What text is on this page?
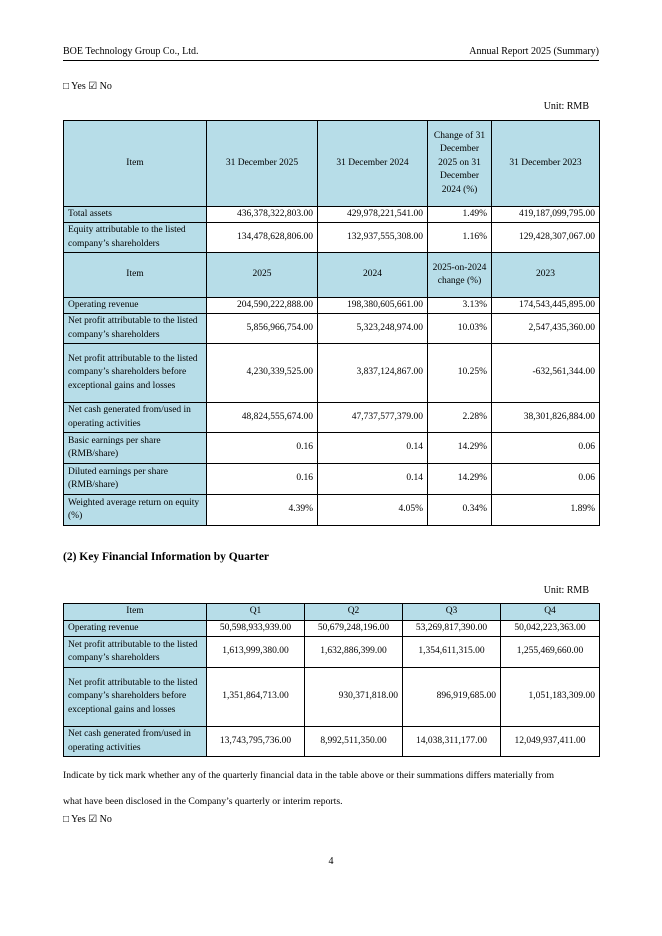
BOE Technology Group Co., Ltd.	Annual Report 2025 (Summary)
□ Yes ☑ No
Unit: RMB
Item	31 December 2025	31 December 2024	Change of 31 December 2025 on 31 December 2024 (%)	31 December 2023
Total assets	436,378,322,803.00	429,978,221,541.00	1.49%	419,187,099,795.00
Equity attributable to the listed company’s shareholders	134,478,628,806.00	132,937,555,308.00	1.16%	129,428,307,067.00
Item	2025	2024	2025-on-2024 change (%)	2023
Operating revenue	204,590,222,888.00	198,380,605,661.00	3.13%	174,543,445,895.00
Net profit attributable to the listed company’s shareholders	5,856,966,754.00	5,323,248,974.00	10.03%	2,547,435,360.00
Net profit attributable to the listed company’s shareholders before exceptional gains and losses	4,230,339,525.00	3,837,124,867.00	10.25%	-632,561,344.00
Net cash generated from/used in operating activities	48,824,555,674.00	47,737,577,379.00	2.28%	38,301,826,884.00
Basic earnings per share (RMB/share)	0.16	0.14	14.29%	0.06
Diluted earnings per share (RMB/share)	0.16	0.14	14.29%	0.06
Weighted average return on equity (%)	4.39%	4.05%	0.34%	1.89%
(2) Key Financial Information by Quarter
Unit: RMB
Item	Q1	Q2	Q3	Q4
Operating revenue	50,598,933,939.00	50,679,248,196.00	53,269,817,390.00	50,042,223,363.00
Net profit attributable to the listed company’s shareholders	1,613,999,380.00	1,632,886,399.00	1,354,611,315.00	1,255,469,660.00
Net profit attributable to the listed company’s shareholders before exceptional gains and losses	1,351,864,713.00	930,371,818.00	896,919,685.00	1,051,183,309.00
Net cash generated from/used in operating activities	13,743,795,736.00	8,992,511,350.00	14,038,311,177.00	12,049,937,411.00
Indicate by tick mark whether any of the quarterly financial data in the table above or their summations differs materially from
what have been disclosed in the Company’s quarterly or interim reports.
□ Yes ☑ No
4
